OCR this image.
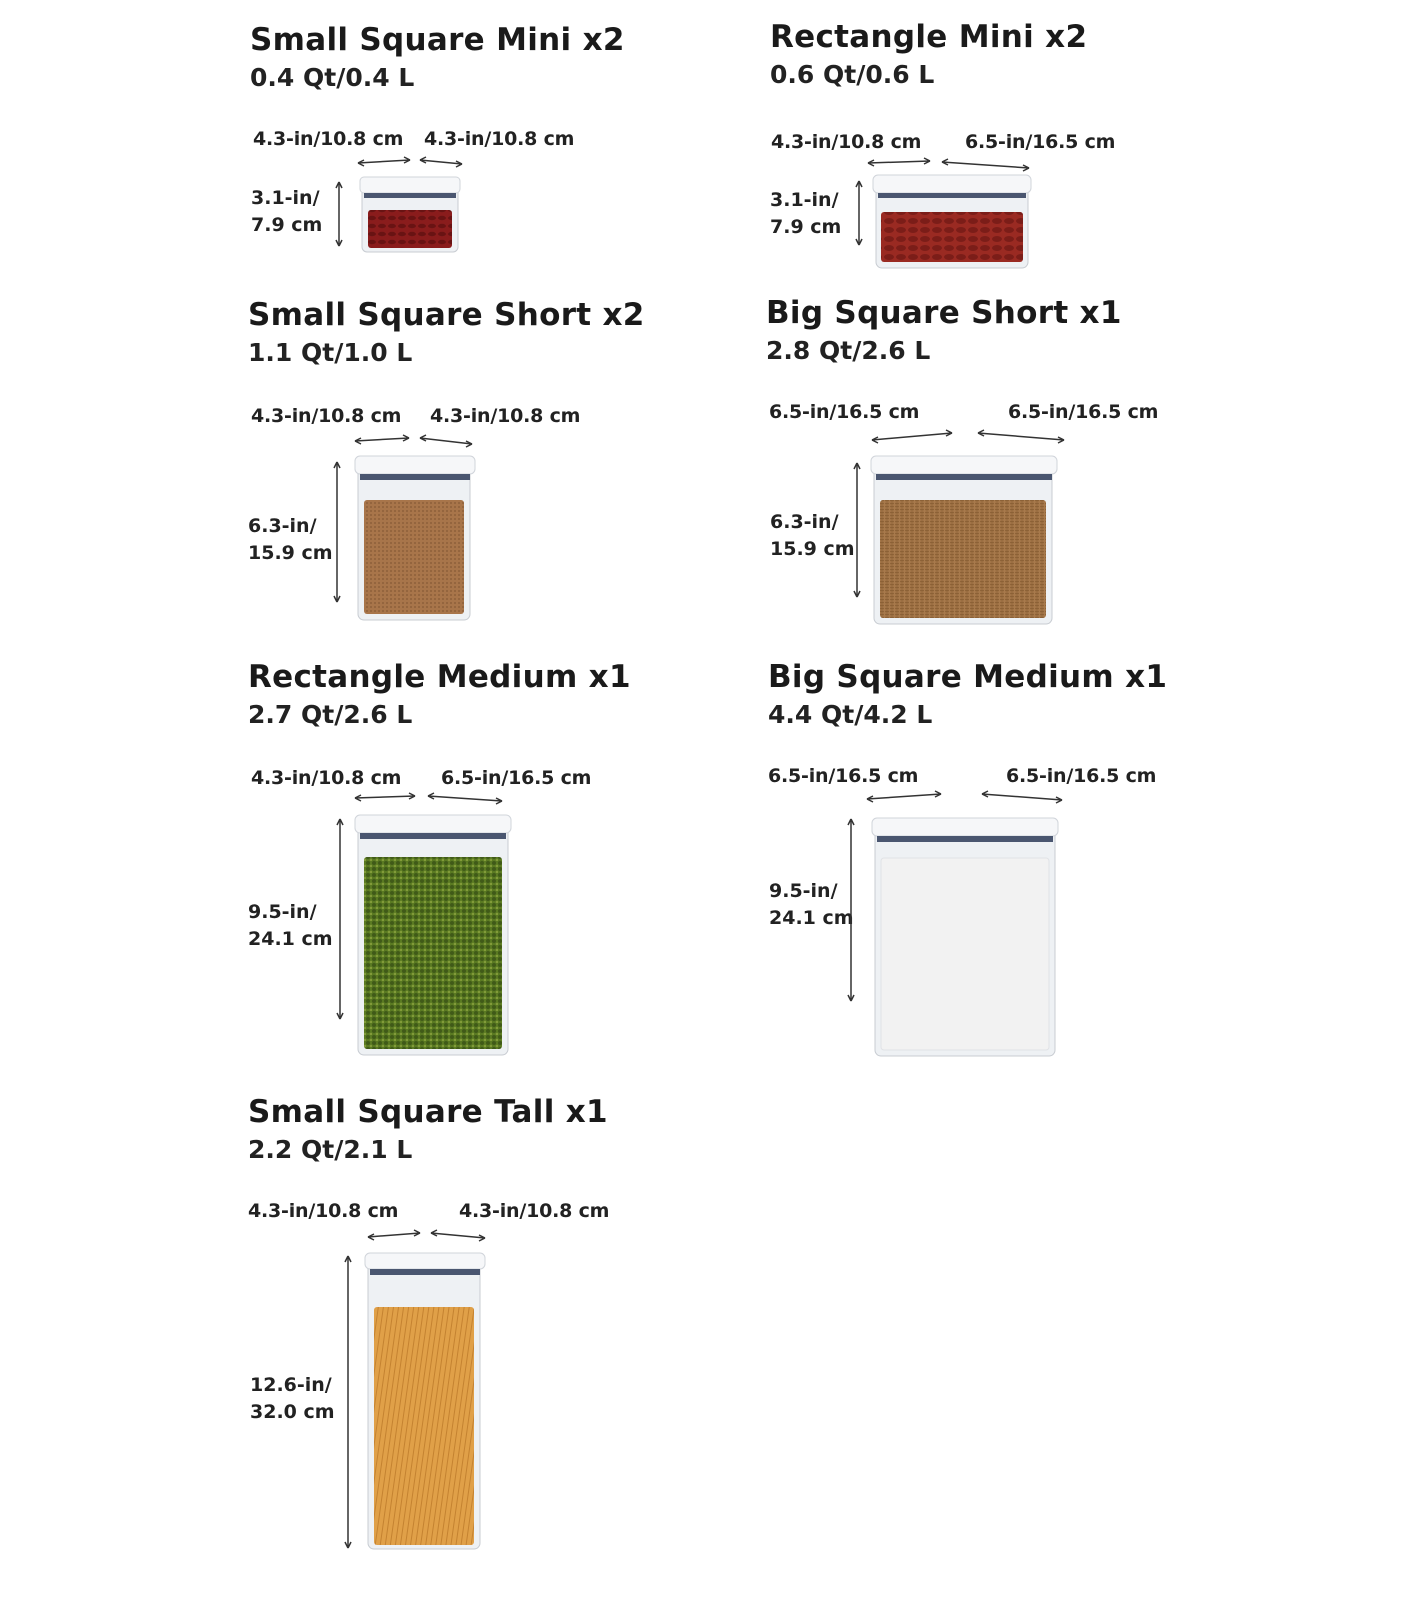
Small Square Mini x2
0.4 Qt/0.4 L
4.3-in/10.8 cm 4.3-in/10.8 cm
3.1-in/
7.9 cm
Rectangle Mini x2
0.6 Qt/0.6 L
4.3-in/10.8 cm 6.5-in/16.5 cm
3.1-in/
7.9 cm
Small Square Short x2
1.1 Qt/1.0 L
4.3-in/10.8 cm 4.3-in/10.8 cm
6.3-in/
15.9 cm
Big Square Short x1
2.8 Qt/2.6 L
6.5-in/16.5 cm	6.5-in/16.5 cm
6.3-in/
15.9 cm
Rectangle Medium x1
2.7 Qt/2.6 L
4.3-in/10.8 cm 6.5-in/16.5 cm
9.5-in/
24.1 cm
Big Square Medium x1
4.4 Qt/4.2 L
6.5-in/16.5 cm	6.5-in/16.5 cm
9.5-in/
24.1 cm
Small Square Tall x1
2.2 Qt/2.1 L
4.3-in/10.8 cm	4.3-in/10.8 cm
12.6-in/
32.0 cm
